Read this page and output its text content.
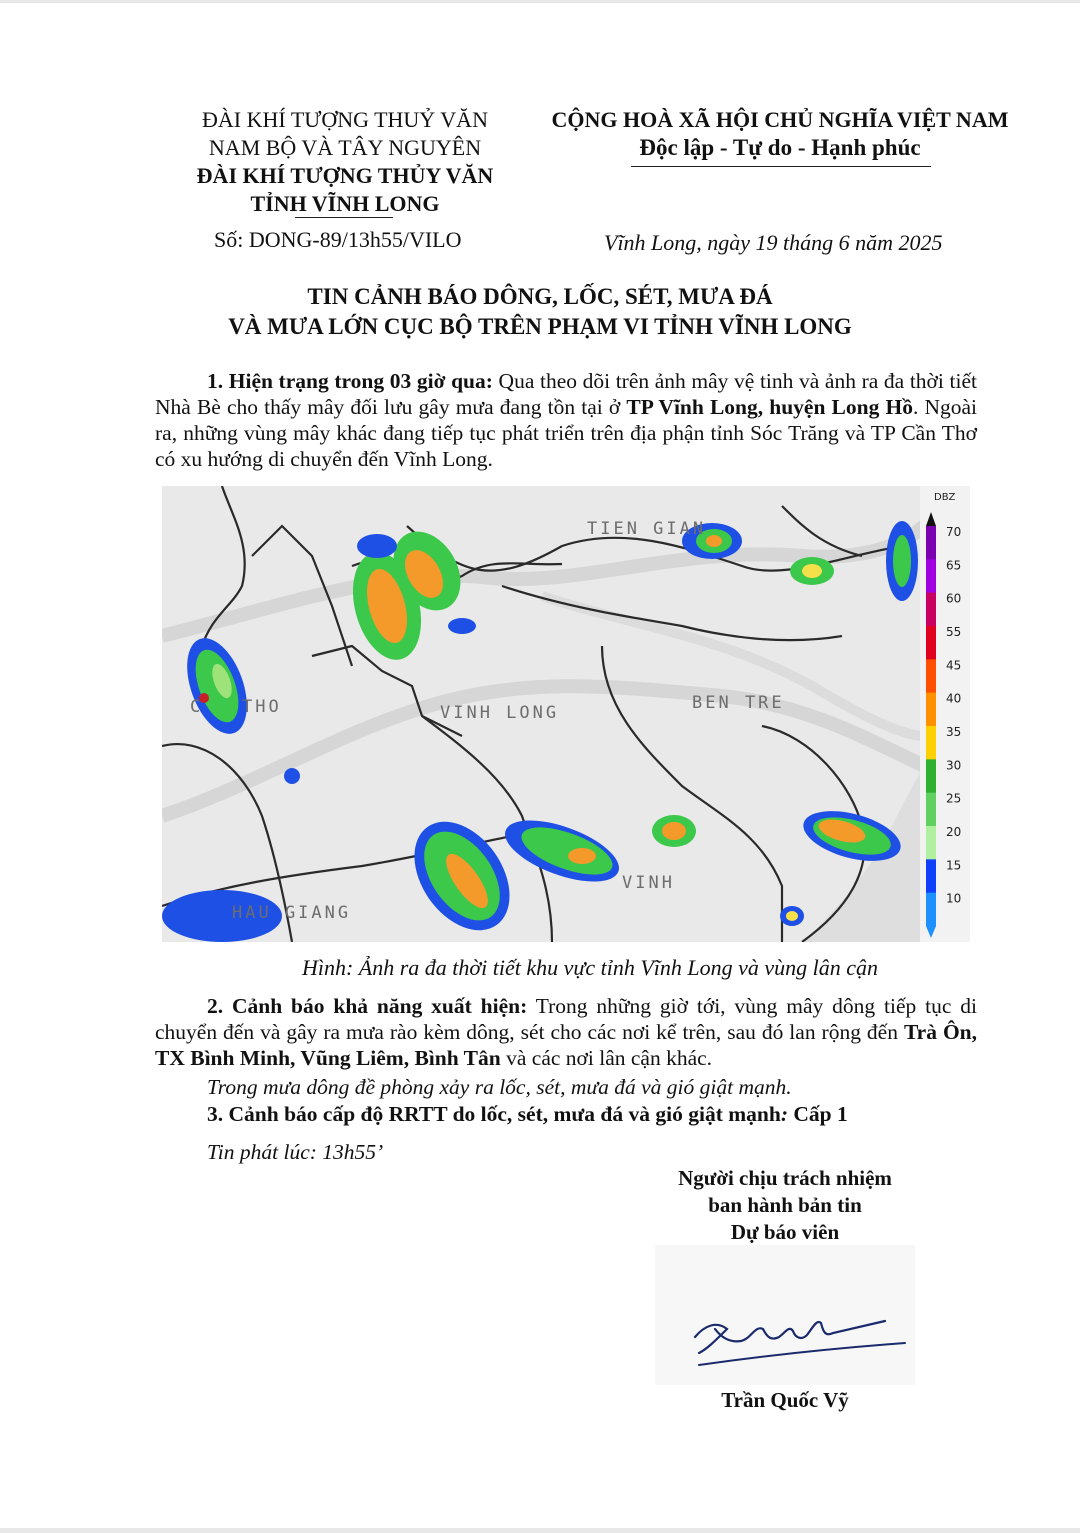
ĐÀI KHÍ TƯỢNG THUỶ VĂN
NAM BỘ VÀ TÂY NGUYÊN
ĐÀI KHÍ TƯỢNG THỦY VĂN
TỈNH VĨNH LONG
Số: DONG-89/13h55/VILO
CỘNG HOÀ XÃ HỘI CHỦ NGHĨA VIỆT NAM
Độc lập - Tự do - Hạnh phúc
Vĩnh Long, ngày 19 tháng 6 năm 2025
TIN CẢNH BÁO DÔNG, LỐC, SÉT, MƯA ĐÁ
VÀ MƯA LỚN CỤC BỘ TRÊN PHẠM VI TỈNH VĨNH LONG
1. Hiện trạng trong 03 giờ qua: Qua theo dõi trên ảnh mây vệ tinh và ảnh ra đa thời tiết Nhà Bè cho thấy mây đối lưu gây mưa đang tồn tại ở TP Vĩnh Long, huyện Long Hồ. Ngoài ra, những vùng mây khác đang tiếp tục phát triển trên địa phận tỉnh Sóc Trăng và TP Cần Thơ có xu hướng di chuyển đến Vĩnh Long.
TIEN GIAN
C THO	VINH LONG	BEN TRE
VINH
HAU GIANG
DBZ
70
65
60
55
45
40
35
30
25
20
15
10
Hình: Ảnh ra đa thời tiết khu vực tỉnh Vĩnh Long và vùng lân cận
2. Cảnh báo khả năng xuất hiện: Trong những giờ tới, vùng mây dông tiếp tục di chuyển đến và gây ra mưa rào kèm dông, sét cho các nơi kể trên, sau đó lan rộng đến Trà Ôn, TX Bình Minh, Vũng Liêm, Bình Tân và các nơi lân cận khác.
Trong mưa dông đề phòng xảy ra lốc, sét, mưa đá và gió giật mạnh.
3. Cảnh báo cấp độ RRTT do lốc, sét, mưa đá và gió giật mạnh: Cấp 1
Tin phát lúc: 13h55’
Người chịu trách nhiệm
ban hành bản tin
Dự báo viên
Trần Quốc Vỹ
